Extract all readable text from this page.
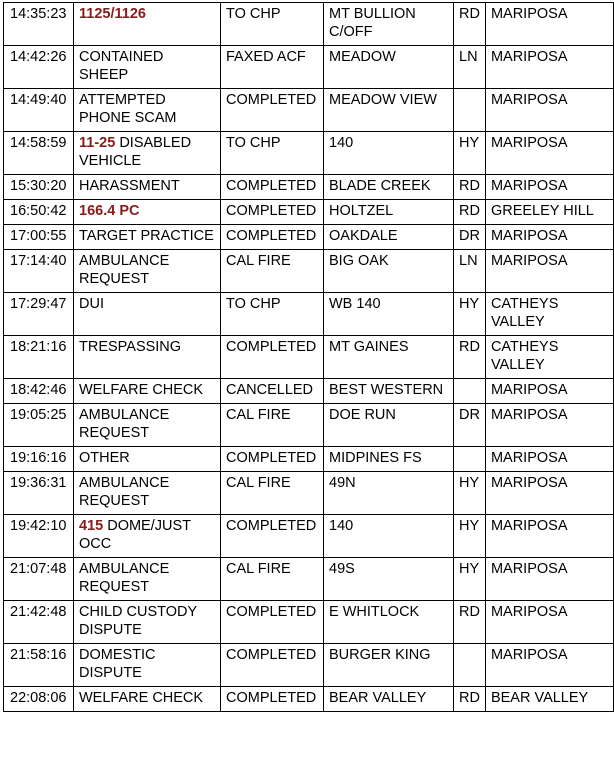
14:35:23	1125/1126	TO CHP	MT BULLION C/OFF	RD	MARIPOSA
14:42:26	CONTAINED SHEEP	FAXED ACF	MEADOW	LN	MARIPOSA
14:49:40	ATTEMPTED PHONE SCAM	COMPLETED	MEADOW VIEW		MARIPOSA
14:58:59	11-25 DISABLED VEHICLE	TO CHP	140	HY	MARIPOSA
15:30:20	HARASSMENT	COMPLETED	BLADE CREEK	RD	MARIPOSA
16:50:42	166.4 PC	COMPLETED	HOLTZEL	RD	GREELEY HILL
17:00:55	TARGET PRACTICE	COMPLETED	OAKDALE	DR	MARIPOSA
17:14:40	AMBULANCE REQUEST	CAL FIRE	BIG OAK	LN	MARIPOSA
17:29:47	DUI	TO CHP	WB 140	HY	CATHEYS VALLEY
18:21:16	TRESPASSING	COMPLETED	MT GAINES	RD	CATHEYS VALLEY
18:42:46	WELFARE CHECK	CANCELLED	BEST WESTERN		MARIPOSA
19:05:25	AMBULANCE REQUEST	CAL FIRE	DOE RUN	DR	MARIPOSA
19:16:16	OTHER	COMPLETED	MIDPINES FS		MARIPOSA
19:36:31	AMBULANCE REQUEST	CAL FIRE	49N	HY	MARIPOSA
19:42:10	415 DOME/JUST OCC	COMPLETED	140	HY	MARIPOSA
21:07:48	AMBULANCE REQUEST	CAL FIRE	49S	HY	MARIPOSA
21:42:48	CHILD CUSTODY DISPUTE	COMPLETED	E WHITLOCK	RD	MARIPOSA
21:58:16	DOMESTIC DISPUTE	COMPLETED	BURGER KING		MARIPOSA
22:08:06	WELFARE CHECK	COMPLETED	BEAR VALLEY	RD	BEAR VALLEY
